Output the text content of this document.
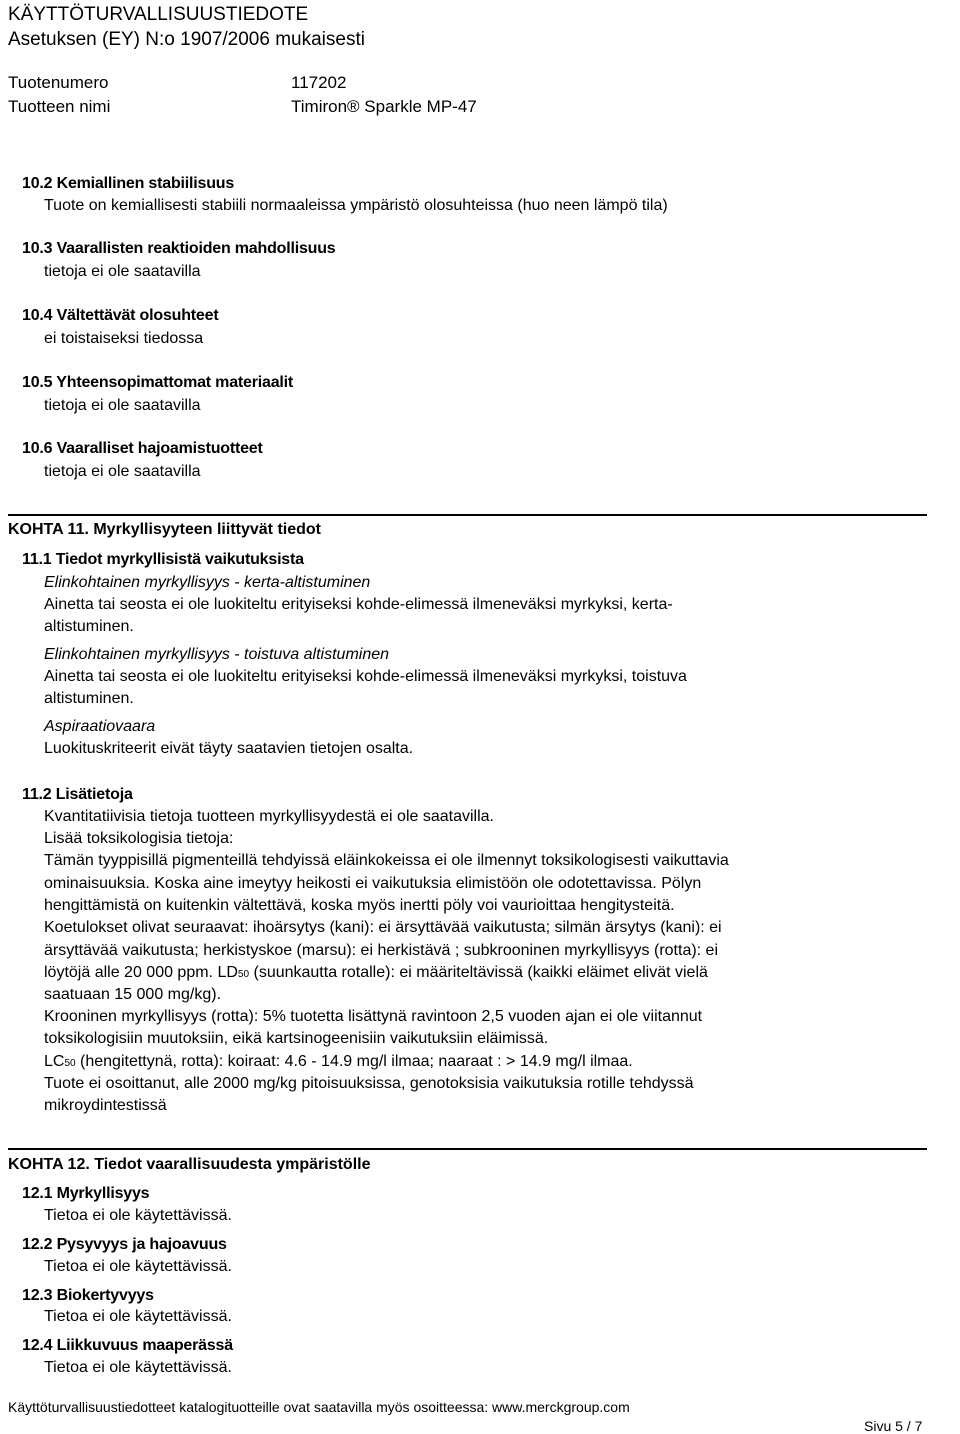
KÄYTTÖTURVALLISUUSTIEDOTE
Asetuksen (EY) N:o 1907/2006 mukaisesti
Tuotenumero	117202
Tuotteen nimi	Timiron® Sparkle MP-47
10.2 Kemiallinen stabiilisuus
Tuote on kemiallisesti stabiili normaaleissa ympäristö olosuhteissa (huo neen lämpö tila)
10.3 Vaarallisten reaktioiden mahdollisuus
tietoja ei ole saatavilla
10.4 Vältettävät olosuhteet
ei toistaiseksi tiedossa
10.5 Yhteensopimattomat materiaalit
tietoja ei ole saatavilla
10.6 Vaaralliset hajoamistuotteet
tietoja ei ole saatavilla
KOHTA 11. Myrkyllisyyteen liittyvät tiedot
11.1 Tiedot myrkyllisistä vaikutuksista
Elinkohtainen myrkyllisyys - kerta-altistuminen
Ainetta tai seosta ei ole luokiteltu erityiseksi kohde-elimessä ilmeneväksi myrkyksi, kerta-
altistuminen.
Elinkohtainen myrkyllisyys - toistuva altistuminen
Ainetta tai seosta ei ole luokiteltu erityiseksi kohde-elimessä ilmeneväksi myrkyksi, toistuva
altistuminen.
Aspiraatiovaara
Luokituskriteerit eivät täyty saatavien tietojen osalta.
11.2 Lisätietoja
Kvantitatiivisia tietoja tuotteen myrkyllisyydestä ei ole saatavilla.
Lisää toksikologisia tietoja:
Tämän tyyppisillä pigmenteillä tehdyissä eläinkokeissa ei ole ilmennyt toksikologisesti vaikuttavia
ominaisuuksia. Koska aine imeytyy heikosti ei vaikutuksia elimistöön ole odotettavissa. Pölyn
hengittämistä on kuitenkin vältettävä, koska myös inertti pöly voi vaurioittaa hengitysteitä.
Koetulokset olivat seuraavat: ihoärsytys (kani): ei ärsyttävää vaikutusta; silmän ärsytys (kani): ei
ärsyttävää vaikutusta; herkistyskoe (marsu): ei herkistävä ; subkrooninen myrkyllisyys (rotta): ei
löytöjä alle 20 000 ppm. LD50 (suunkautta rotalle): ei määriteltävissä (kaikki eläimet elivät vielä
saatuaan 15 000 mg/kg).
Krooninen myrkyllisyys (rotta): 5% tuotetta lisättynä ravintoon 2,5 vuoden ajan ei ole viitannut
toksikologisiin muutoksiin, eikä kartsinogeenisiin vaikutuksiin eläimissä.
LC50 (hengitettynä, rotta): koiraat: 4.6 - 14.9 mg/l ilmaa; naaraat : > 14.9 mg/l ilmaa.
Tuote ei osoittanut, alle 2000 mg/kg pitoisuuksissa, genotoksisia vaikutuksia rotille tehdyssä
mikroydintestissä
KOHTA 12. Tiedot vaarallisuudesta ympäristölle
12.1 Myrkyllisyys
Tietoa ei ole käytettävissä.
12.2 Pysyvyys ja hajoavuus
Tietoa ei ole käytettävissä.
12.3 Biokertyvyys
Tietoa ei ole käytettävissä.
12.4 Liikkuvuus maaperässä
Tietoa ei ole käytettävissä.
Käyttöturvallisuustiedotteet katalogituotteille ovat saatavilla myös osoitteessa: www.merckgroup.com
Sivu 5 / 7
